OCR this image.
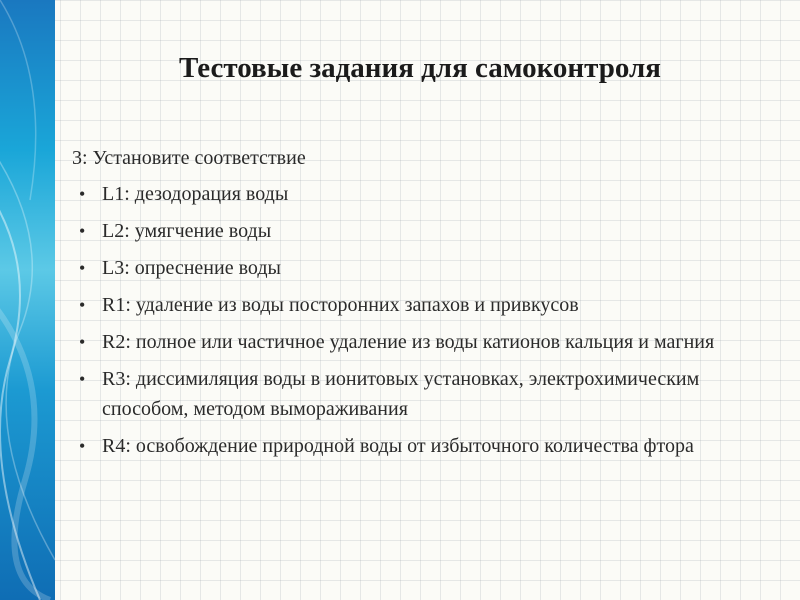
Тестовые задания для самоконтроля

3: Установите соответствие

• L1: дезодорация воды
• L2: умягчение воды
• L3: опреснение воды
• R1: удаление из воды посторонних запахов и привкусов
• R2: полное или частичное удаление из воды катионов кальция и магния
• R3: диссимиляция воды в ионитовых установках, электрохимическим способом, методом вымораживания
• R4: освобождение природной воды от избыточного количества фтора
